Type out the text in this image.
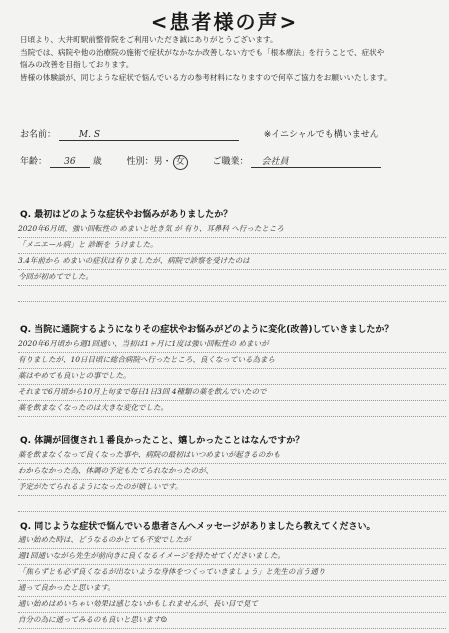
<患者様の声>

日頃より、大井町駅前整骨院をご利用いただき誠にありがとうございます。

当院では、病院や他の治療院の施術で症状がなかなか改善しない方でも「根本療法」を行うことで、症状や

悩みの改善を目指しております。

皆様の体験談が、同じような症状で悩んでいる方の参考材料になりますので何卒ご協力をお願いいたします。

お名前：	M. S	※イニシャルでも構いません
年齢： 36 歳	性別：男・ 女	ご職業： 会社員
Q. 最初はどのような症状やお悩みがありましたか？
2020年6月頃、強い回転性の めまいと吐き気 が 有り、耳鼻科 へ行ったところ
「メニエール病」と 診断を うけました。
3.4年前から めまいの症状は有りましたが、病院で診察を受けたのは
今回が初めてでした。
Q. 当院に通院するようになりその症状やお悩みがどのように変化(改善)していきましたか？
2020年6月頃から週1回通い、当初は1ヶ月に1度は強い回転性の めまいが
有りましたが、10日目頃に総合病院へ行ったところ、良くなっている為まら
薬はやめても良いとの事でした。
それまで6月頃から10月上旬まで毎日1日3回 4種類の薬を飲んでいたので
薬を飲まなくなったのは大きな変化でした。
Q. 体調が回復され１番良かったこと、嬉しかったことはなんですか？
薬を飲まなくなって良くなった事や、病院の最初はいつめまいが起きるのかも
わからなかった為、体調の予定もたてられなかったのが、
予定がたてられるようになったのが嬉しいです。
Q. 同じような症状で悩んでいる患者さんへメッセージがありましたら教えてください。
通い始めた時は、どうなるのかとても不安でしたが
週1回通いながら先生が前向きに良くなるイメージを持たせてくださいました。
「焦らずとも必ず良くなるが出ないような身体をつくっていきましょう」と先生の言う通り
通って良かったと思います。
通い始めはめいちゃい効果は感じないかもしれませんが、長い目で見て
自分の為に通ってみるのも良いと思います☺
